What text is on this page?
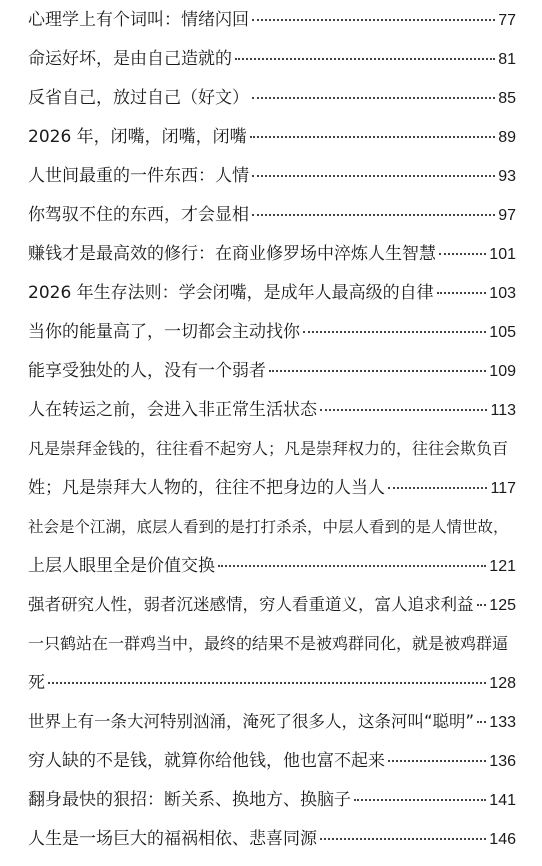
心理学上有个词叫：情绪闪回	77
命运好坏，是由自己造就的	81
反省自己，放过自己（好文）	85
2026 年，闭嘴，闭嘴，闭嘴	89
人世间最重的一件东西：人情	93
你驾驭不住的东西，才会显相	97
赚钱才是最高效的修行：在商业修罗场中淬炼人生智慧	101
2026 年生存法则：学会闭嘴，是成年人最高级的自律	103
当你的能量高了，一切都会主动找你	105
能享受独处的人，没有一个弱者	109
人在转运之前，会进入非正常生活状态	113
凡是崇拜金钱的，往往看不起穷人；凡是崇拜权力的，往往会欺负百
姓；凡是崇拜大人物的，往往不把身边的人当人	117
社会是个江湖，底层人看到的是打打杀杀，中层人看到的是人情世故，
上层人眼里全是价值交换	121
强者研究人性，弱者沉迷感情，穷人看重道义，富人追求利益 125
一只鹤站在一群鸡当中，最终的结果不是被鸡群同化，就是被鸡群逼
死	128
世界上有一条大河特别汹涌，淹死了很多人，这条河叫“聪明” 133
穷人缺的不是钱，就算你给他钱，他也富不起来	136
翻身最快的狠招：断关系、换地方、换脑子	141
人生是一场巨大的福祸相依、悲喜同源	146
